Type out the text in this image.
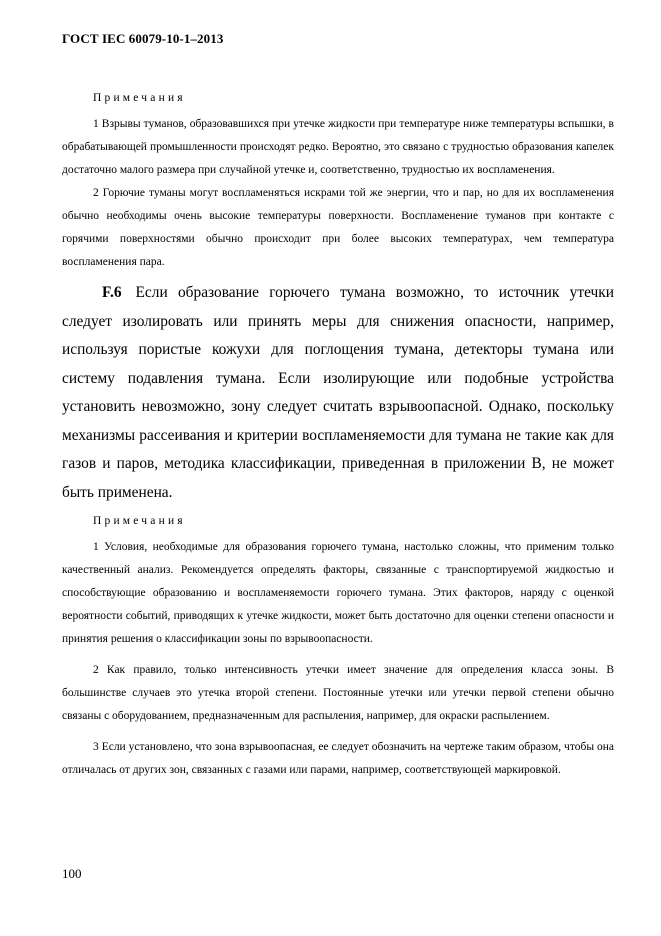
ГОСТ IEC 60079-10-1–2013

Примечания

1 Взрывы туманов, образовавшихся при утечке жидкости при температуре ниже температуры вспышки, в обрабатывающей промышленности происходят редко. Вероятно, это связано с трудностью образования капелек достаточно малого размера при случайной утечке и, соответственно, трудностью их воспламенения.

2 Горючие туманы могут воспламеняться искрами той же энергии, что и пар, но для их воспламенения обычно необходимы очень высокие температуры поверхности. Воспламенение туманов при контакте с горячими поверхностями обычно происходит при более высоких температурах, чем температура воспламенения пара.

F.6 Если образование горючего тумана возможно, то источник утечки следует изолировать или принять меры для снижения опасности, например, используя пористые кожухи для поглощения тумана, детекторы тумана или систему подавления тумана. Если изолирующие или подобные устройства установить невозможно, зону следует считать взрывоопасной. Однако, поскольку механизмы рассеивания и критерии воспламеняемости для тумана не такие как для газов и паров, методика классификации, приведенная в приложении В, не может быть применена.

Примечания

1 Условия, необходимые для образования горючего тумана, настолько сложны, что применим только качественный анализ. Рекомендуется определять факторы, связанные с транспортируемой жидкостью и способствующие образованию и воспламеняемости горючего тумана. Этих факторов, наряду с оценкой вероятности событий, приводящих к утечке жидкости, может быть достаточно для оценки степени опасности и принятия решения о классификации зоны по взрывоопасности.

2 Как правило, только интенсивность утечки имеет значение для определения класса зоны. В большинстве случаев это утечка второй степени. Постоянные утечки или утечки первой степени обычно связаны с оборудованием, предназначенным для распыления, например, для окраски распылением.

3 Если установлено, что зона взрывоопасная, ее следует обозначить на чертеже таким образом, чтобы она отличалась от других зон, связанных с газами или парами, например, соответствующей маркировкой.

100
